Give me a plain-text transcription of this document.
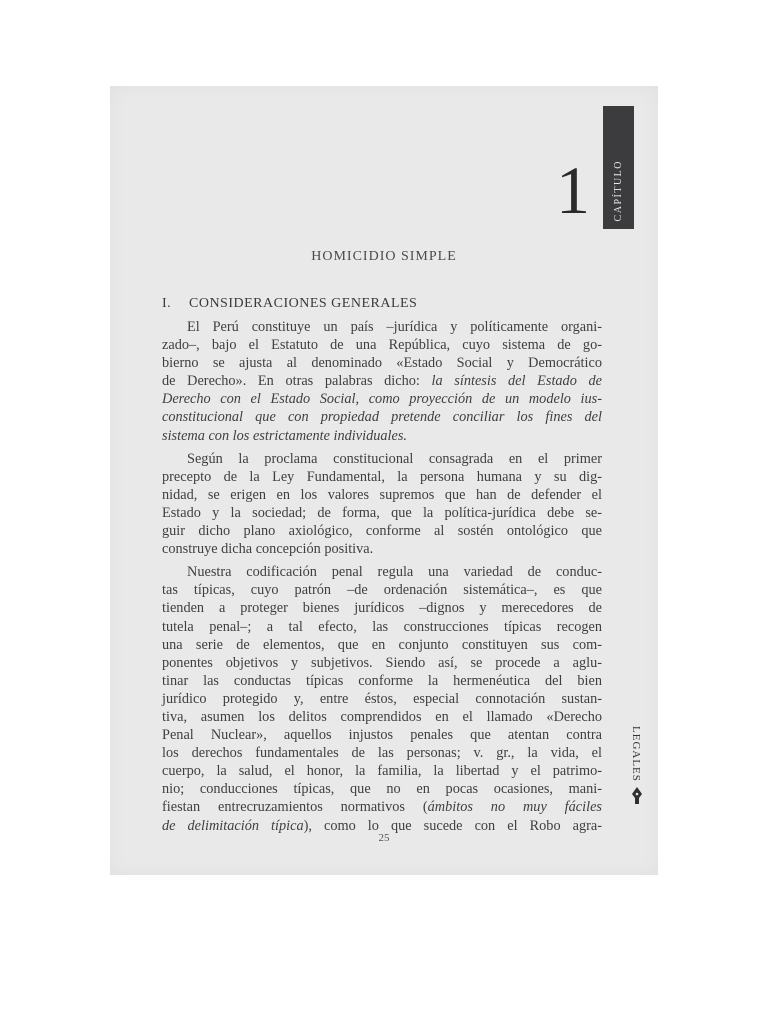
CAPÍTULO
1
HOMICIDIO SIMPLE
I. CONSIDERACIONES GENERALES
El Perú constituye un país –jurídica y políticamente organi-
zado–, bajo el Estatuto de una República, cuyo sistema de go-
bierno se ajusta al denominado «Estado Social y Democrático
de Derecho». En otras palabras dicho: la síntesis del Estado de
Derecho con el Estado Social, como proyección de un modelo ius-
constitucional que con propiedad pretende conciliar los fines del
sistema con los estrictamente individuales.
Según la proclama constitucional consagrada en el primer
precepto de la Ley Fundamental, la persona humana y su dig-
nidad, se erigen en los valores supremos que han de defender el
Estado y la sociedad; de forma, que la política-jurídica debe se-
guir dicho plano axiológico, conforme al sostén ontológico que
construye dicha concepción positiva.
Nuestra codificación penal regula una variedad de conduc-
tas típicas, cuyo patrón –de ordenación sistemática–, es que
tienden a proteger bienes jurídicos –dignos y merecedores de
tutela penal–; a tal efecto, las construcciones típicas recogen
una serie de elementos, que en conjunto constituyen sus com-
ponentes objetivos y subjetivos. Siendo así, se procede a aglu-
tinar las conductas típicas conforme la hermenéutica del bien
jurídico protegido y, entre éstos, especial connotación sustan-
tiva, asumen los delitos comprendidos en el llamado «Derecho
Penal Nuclear», aquellos injustos penales que atentan contra
los derechos fundamentales de las personas; v. gr., la vida, el
cuerpo, la salud, el honor, la familia, la libertad y el patrimo-
nio; conducciones típicas, que no en pocas ocasiones, mani-
fiestan entrecruzamientos normativos (ámbitos no muy fáciles
de delimitación típica), como lo que sucede con el Robo agra-
25
LEGALES
